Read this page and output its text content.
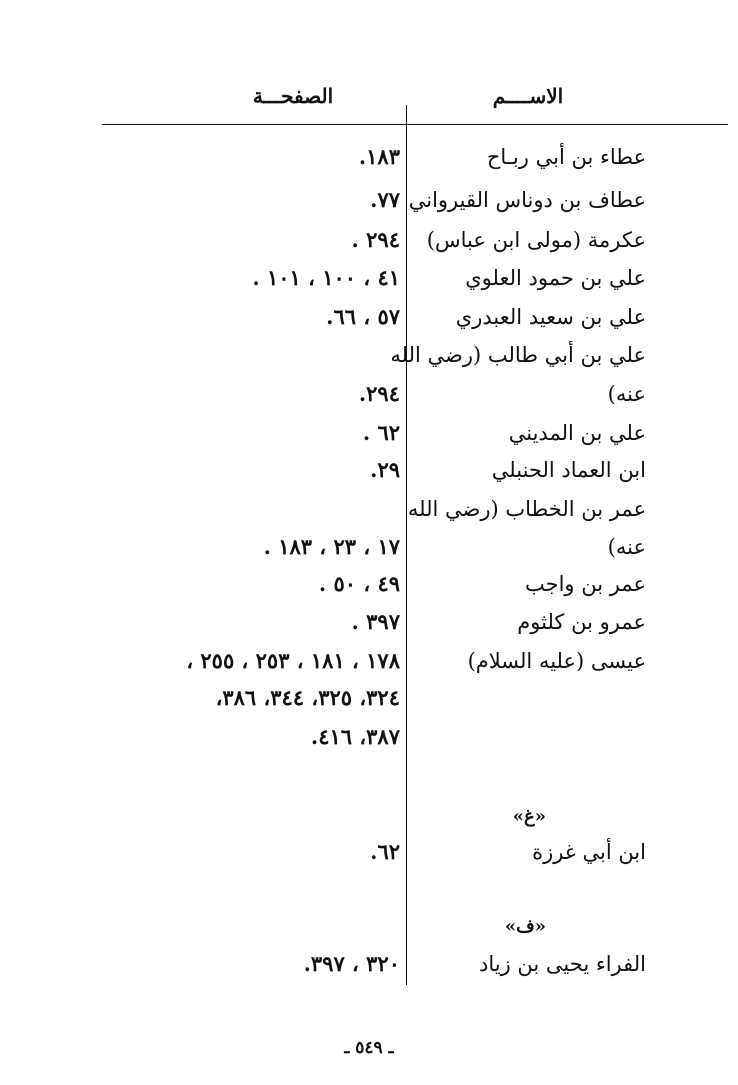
الاســــم
الصفحـــة
عطاء بن أبي ربـاح
١٨٣.
عطاف بن دوناس القيرواني
٧٧.
عكرمة (مولى ابن عباس)
٢٩٤ .
علي بن حمود العلوي
٤١ ، ١٠٠ ، ١٠١ .
علي بن سعيد العبدري
٥٧ ، ٦٦.
علي بن أبي طالب (رضي الله
عنه)
٢٩٤.
علي بن المديني
٦٢ .
ابن العماد الحنبلي
٢٩.
عمر بن الخطاب (رضي الله
عنه)
١٧ ، ٢٣ ، ١٨٣ .
عمر بن واجب
٤٩ ، ٥٠ .
عمرو بن كلثوم
٣٩٧ .
عيسى (عليه السلام)
١٧٨ ، ١٨١ ، ٢٥٣ ، ٢٥٥ ،
٣٢٤، ٣٢٥، ٣٤٤، ٣٨٦،
٣٨٧، ٤١٦.
«غ»
ابن أبي غرزة
٦٢.
«ف»
الفراء يحيى بن زياد
٣٢٠ ، ٣٩٧.
ـ ٥٤٩ ـ
